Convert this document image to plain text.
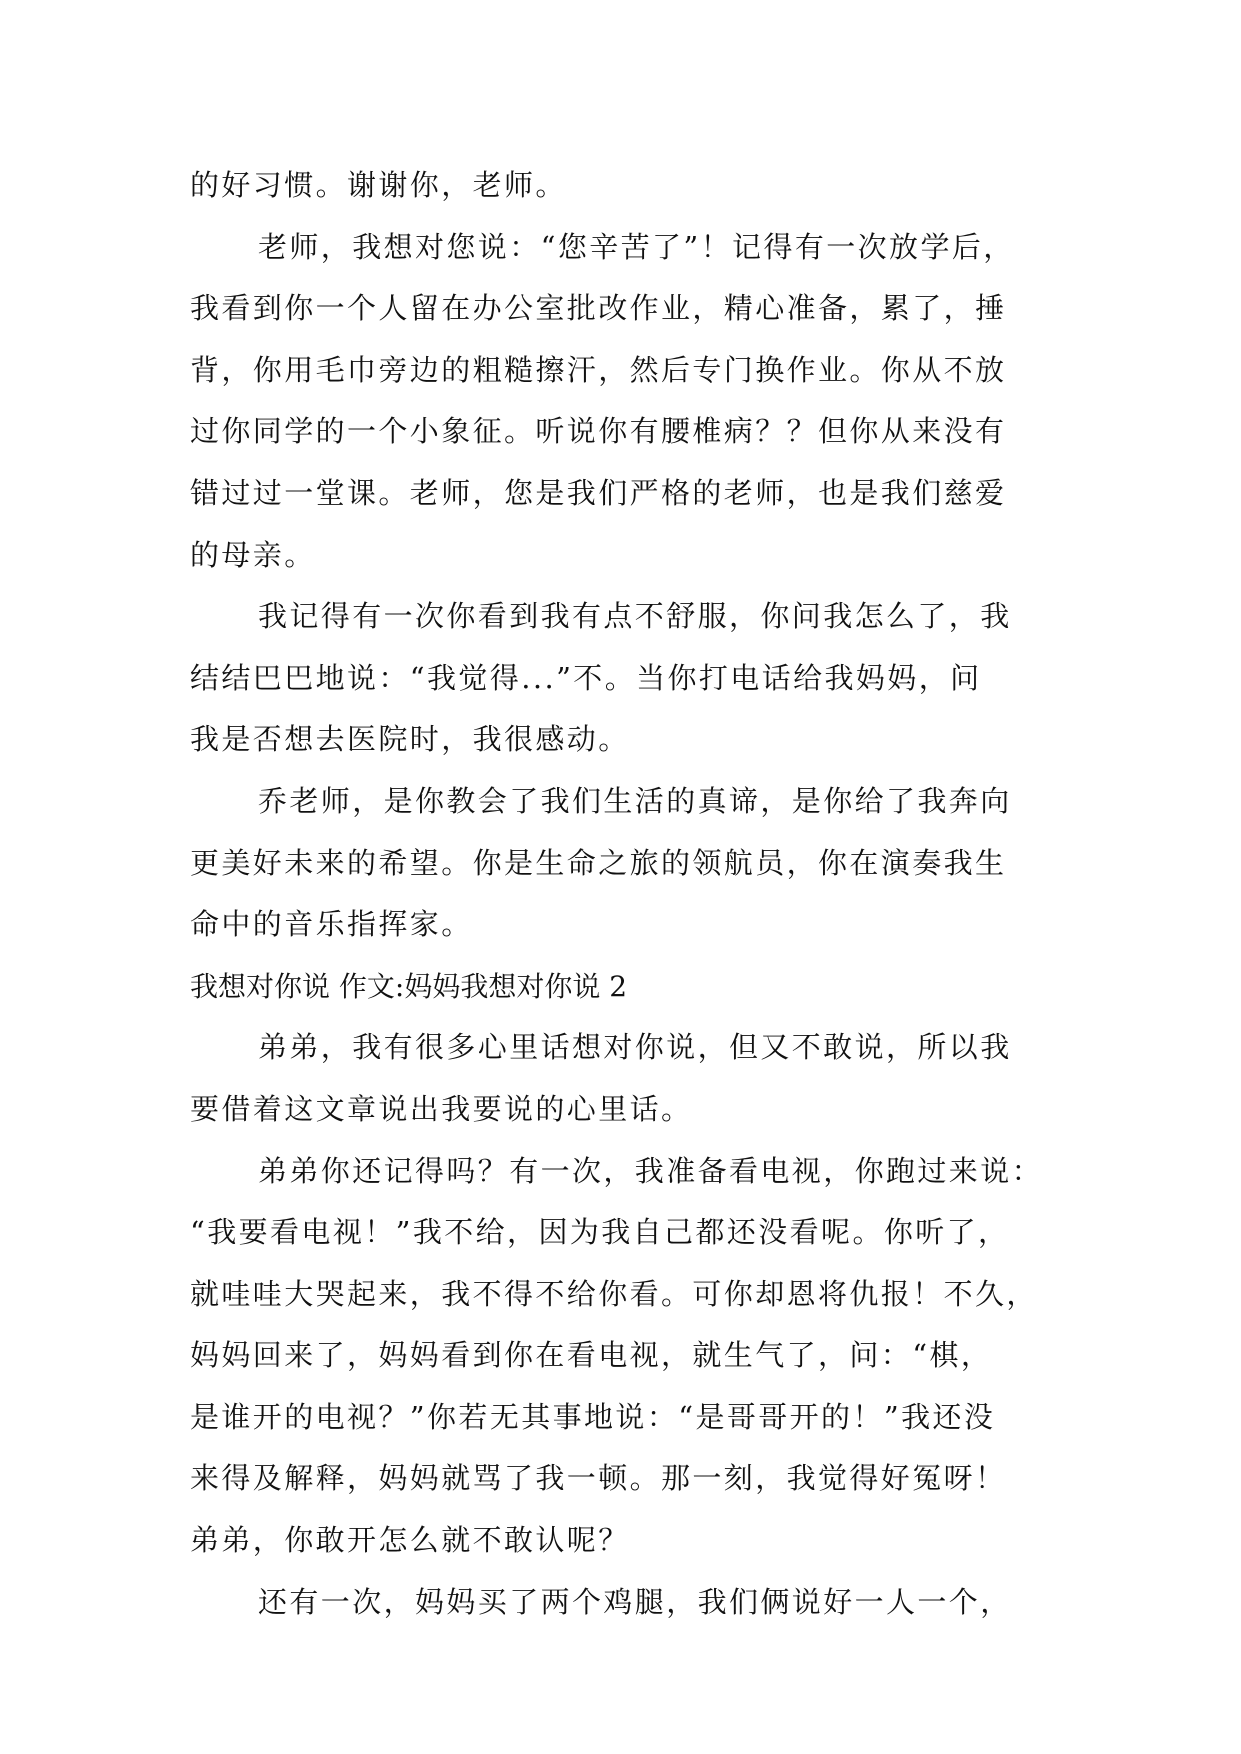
的好习惯。谢谢你，老师。
老师，我想对您说：“您辛苦了”！记得有一次放学后，
我看到你一个人留在办公室批改作业，精心准备，累了，捶
背，你用毛巾旁边的粗糙擦汗，然后专门换作业。你从不放
过你同学的一个小象征。听说你有腰椎病？？但你从来没有
错过过一堂课。老师，您是我们严格的老师，也是我们慈爱
的母亲。
我记得有一次你看到我有点不舒服，你问我怎么了，我
结结巴巴地说：“我觉得...”不。当你打电话给我妈妈，问
我是否想去医院时，我很感动。
乔老师，是你教会了我们生活的真谛，是你给了我奔向
更美好未来的希望。你是生命之旅的领航员，你在演奏我生
命中的音乐指挥家。
我想对你说 作文:妈妈我想对你说 2
弟弟，我有很多心里话想对你说，但又不敢说，所以我
要借着这文章说出我要说的心里话。
弟弟你还记得吗？有一次，我准备看电视，你跑过来说：
“我要看电视！”我不给，因为我自己都还没看呢。你听了，
就哇哇大哭起来，我不得不给你看。可你却恩将仇报！不久，
妈妈回来了，妈妈看到你在看电视，就生气了，问：“棋，
是谁开的电视？”你若无其事地说：“是哥哥开的！”我还没
来得及解释，妈妈就骂了我一顿。那一刻，我觉得好冤呀！
弟弟，你敢开怎么就不敢认呢？
还有一次，妈妈买了两个鸡腿，我们俩说好一人一个，
